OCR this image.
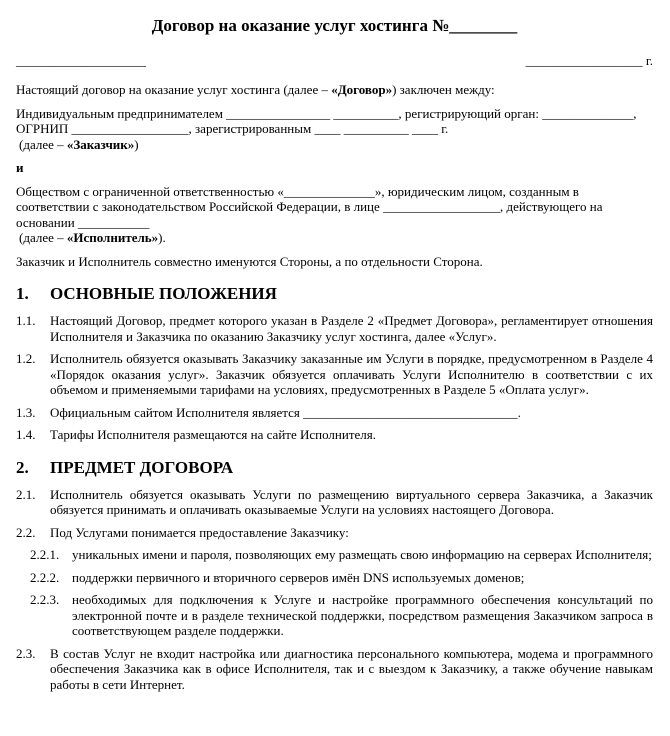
Договор на оказание услуг хостинга №________
____________________	__________________ г.

Настоящий договор на оказание услуг хостинга (далее – «Договор») заключен между:

Индивидуальным предпринимателем ________________ __________, регистрирующий орган: ______________, ОГРНИП __________________, зарегистрированным ____ __________ ____ г.
(далее – «Заказчик»)

и

Обществом с ограниченной ответственностью «______________», юридическим лицом, созданным в соответствии с законодательством Российской Федерации, в лице __________________, действующего на основании ___________
(далее – «Исполнитель»).

Заказчик и Исполнитель совместно именуются Стороны, а по отдельности Сторона.

1.	ОСНОВНЫЕ ПОЛОЖЕНИЯ
1.1.	Настоящий Договор, предмет которого указан в Разделе 2 «Предмет Договора», регламентирует отношения Исполнителя и Заказчика по оказанию Заказчику услуг хостинга, далее «Услуг».
1.2.	Исполнитель обязуется оказывать Заказчику заказанные им Услуги в порядке, предусмотренном в Разделе 4 «Порядок оказания услуг». Заказчик обязуется оплачивать Услуги Исполнителю в соответствии с их объемом и применяемыми тарифами на условиях, предусмотренных в Разделе 5 «Оплата услуг».
1.3.	Официальным сайтом Исполнителя является _________________________________.
1.4.	Тарифы Исполнителя размещаются на сайте Исполнителя.
2.	ПРЕДМЕТ ДОГОВОРА
2.1.	Исполнитель обязуется оказывать Услуги по размещению виртуального сервера Заказчика, а Заказчик обязуется принимать и оплачивать оказываемые Услуги на условиях настоящего Договора.
2.2.	Под Услугами понимается предоставление Заказчику:
2.2.1. уникальных имени и пароля, позволяющих ему размещать свою информацию на серверах Исполнителя;
2.2.2. поддержки первичного и вторичного серверов имён DNS используемых доменов;
2.2.3. необходимых для подключения к Услуге и настройке программного обеспечения консультаций по электронной почте и в разделе технической поддержки, посредством размещения Заказчиком запроса в соответствующем разделе поддержки.
2.3.	В состав Услуг не входит настройка или диагностика персонального компьютера, модема и программного обеспечения Заказчика как в офисе Исполнителя, так и с выездом к Заказчику, а также обучение навыкам работы в сети Интернет.
